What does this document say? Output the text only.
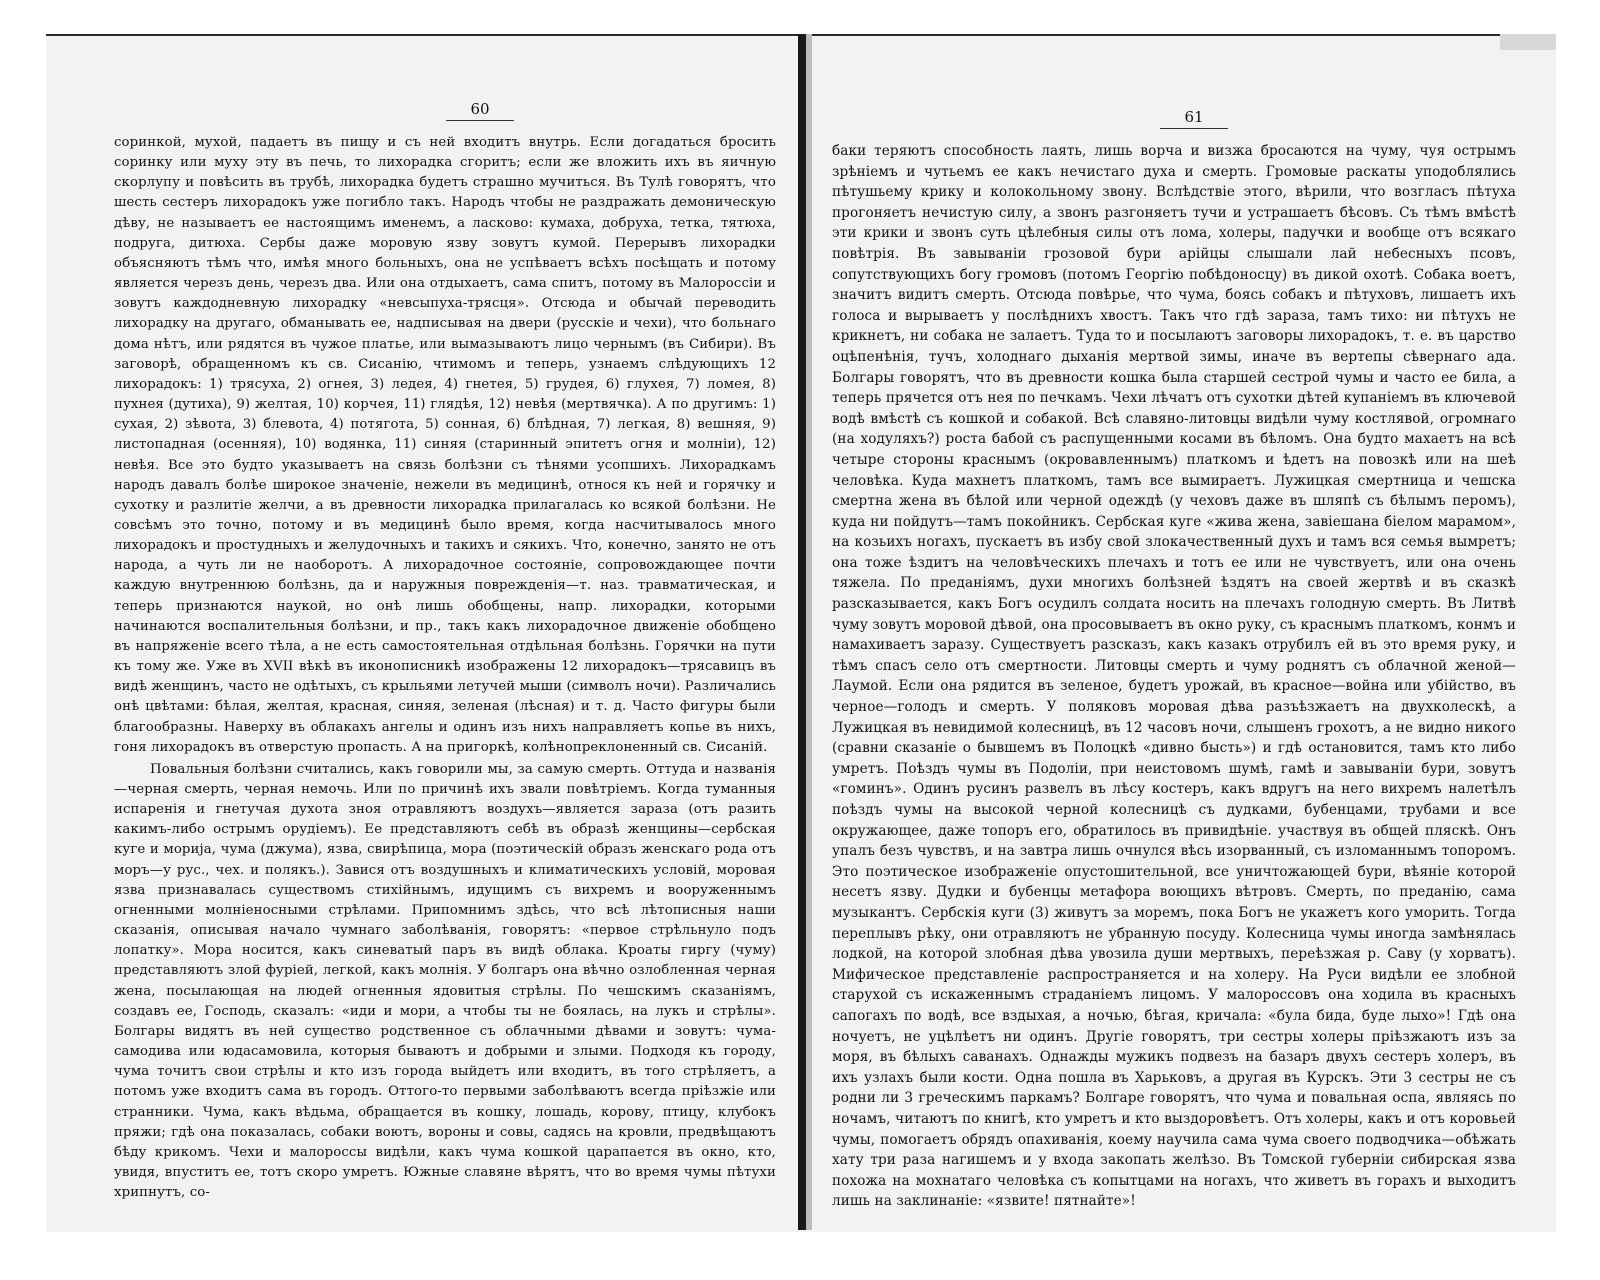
60

соринкой, мухой, падаетъ въ пищу и съ ней входитъ внутрь. Если догадаться бросить соринку или муху эту въ печь, то лихорадка сгоритъ; если же вложить ихъ въ яичную скорлупу и повѣсить въ трубѣ, лихорадка будетъ страшно мучиться. Въ Тулѣ говорятъ, что шесть сестеръ лихорадокъ уже погибло такъ. Народъ чтобы не раздражать демоническую дѣву, не называетъ ее настоящимъ именемъ, а ласково: кумаха, добруха, тетка, тятюха, подруга, дитюха. Сербы даже моровую язву зовутъ кумой. Перерывъ лихорадки объясняютъ тѣмъ что, имѣя много больныхъ, она не успѣваетъ всѣхъ посѣщать и потому является черезъ день, черезъ два. Или она отдыхаетъ, сама спитъ, потому въ Малороссіи и зовутъ каждодневную лихорадку «невсыпуха-трясця». Отсюда и обычай переводить лихорадку на другаго, обманывать ее, надписывая на двери (русскіе и чехи), что больнаго дома нѣтъ, или рядятся въ чужое платье, или вымазываютъ лицо чернымъ (въ Сибири). Въ заговорѣ, обращенномъ къ св. Сисанію, чтимомъ и теперь, узнаемъ слѣдующихъ 12 лихорадокъ: 1) трясуха, 2) огнея, 3) ледея, 4) гнетея, 5) грудея, 6) глухея, 7) ломея, 8) пухнея (дутиха), 9) желтая, 10) корчея, 11) глядѣя, 12) невѣя (мертвячка). А по другимъ: 1) сухая, 2) зѣвота, 3) блевота, 4) потягота, 5) сонная, 6) блѣдная, 7) легкая, 8) вешняя, 9) листопадная (осенняя), 10) водянка, 11) синяя (старинный эпитетъ огня и молніи), 12) невѣя. Все это будто указываетъ на связь болѣзни съ тѣнями усопшихъ. Лихорадкамъ народъ давалъ болѣе широкое значеніе, нежели въ медицинѣ, относя къ ней и горячку и сухотку и разлитіе желчи, а въ древности лихорадка прилагалась ко всякой болѣзни. Не совсѣмъ это точно, потому и въ медицинѣ было время, когда насчитывалось много лихорадокъ и простудныхъ и желудочныхъ и такихъ и сякихъ. Что, конечно, занято не отъ народа, а чуть ли не наоборотъ. А лихорадочное состояніе, сопровождающее почти каждую внутреннюю болѣзнь, да и наружныя поврежденія—т. наз. травматическая, и теперь признаются наукой, но онѣ лишь обобщены, напр. лихорадки, которыми начинаются воспалительныя болѣзни, и пр., такъ какъ лихорадочное движеніе обобщено въ напряженіе всего тѣла, а не есть самостоятельная отдѣльная болѣзнь. Горячки на пути къ тому же. Уже въ XVII вѣкѣ въ иконописникѣ изображены 12 лихорадокъ—трясавицъ въ видѣ женщинъ, часто не одѣтыхъ, съ крыльями летучей мыши (символъ ночи). Различались онѣ цвѣтами: бѣлая, желтая, красная, синяя, зеленая (лѣсная) и т. д. Часто фигуры были благообразны. Наверху въ облакахъ ангелы и одинъ изъ нихъ направляетъ копье въ нихъ, гоня лихорадокъ въ отверстую пропасть. А на пригоркѣ, колѣнопреклоненный св. Сисаній.

Повальныя болѣзни считались, какъ говорили мы, за самую смерть. Оттуда и названія—черная смерть, черная немочь. Или по причинѣ ихъ звали повѣтріемъ. Когда туманныя испаренія и гнетучая духота зноя отравляютъ воздухъ—является зараза (отъ разить какимъ-либо острымъ орудіемъ). Ее представляютъ себѣ въ образѣ женщины—сербская куге и морија, чума (джума), язва, свирѣпица, мора (поэтическій образъ женскаго рода отъ моръ—у рус., чех. и полякъ.). Завися отъ воздушныхъ и климатическихъ условій, моровая язва признавалась существомъ стихійнымъ, идущимъ съ вихремъ и вооруженнымъ огненными молніеносными стрѣлами. Припомнимъ здѣсь, что всѣ лѣтописныя наши сказанія, описывая начало чумнаго заболѣванія, говорятъ: «первое стрѣльнуло подъ лопатку». Мора носится, какъ синеватый паръ въ видѣ облака. Кроаты гиргу (чуму) представляютъ злой фуріей, легкой, какъ молнія. У болгаръ она вѣчно озлобленная черная жена, посылающая на людей огненныя ядовитыя стрѣлы. По чешскимъ сказаніямъ, создавъ ее, Господь, сказалъ: «иди и мори, а чтобы ты не боялась, на лукъ и стрѣлы». Болгары видятъ въ ней существо родственное съ облачными дѣвами и зовутъ: чума-самодива или юдасамовила, которыя бываютъ и добрыми и злыми. Подходя къ городу, чума точитъ свои стрѣлы и кто изъ города выйдетъ или входитъ, въ того стрѣляетъ, а потомъ уже входитъ сама въ городъ. Оттого-то первыми заболѣваютъ всегда пріѣзжіе или странники. Чума, какъ вѣдьма, обращается въ кошку, лошадь, корову, птицу, клубокъ пряжи; гдѣ она показалась, собаки воютъ, вороны и совы, садясь на кровли, предвѣщаютъ бѣду крикомъ. Чехи и малороссы видѣли, какъ чума кошкой царапается въ окно, кто, увидя, впуститъ ее, тотъ скоро умретъ. Южные славяне вѣрятъ, что во время чумы пѣтухи хрипнутъ, со-

61

баки теряютъ способность лаять, лишь ворча и визжа бросаются на чуму, чуя острымъ зрѣніемъ и чутьемъ ее какъ нечистаго духа и смерть. Громовые раскаты уподоблялись пѣтушьему крику и колокольному звону. Вслѣдствіе этого, вѣрили, что возгласъ пѣтуха прогоняетъ нечистую силу, а звонъ разгоняетъ тучи и устрашаетъ бѣсовъ. Съ тѣмъ вмѣстѣ эти крики и звонъ суть цѣлебныя силы отъ лома, холеры, падучки и вообще отъ всякаго повѣтрія. Въ завываніи грозовой бури арійцы слышали лай небесныхъ псовъ, сопутствующихъ богу громовъ (потомъ Георгію побѣдоносцу) въ дикой охотѣ. Собака воетъ, значитъ видитъ смерть. Отсюда повѣрье, что чума, боясь собакъ и пѣтуховъ, лишаетъ ихъ голоса и вырываетъ у послѣднихъ хвостъ. Такъ что гдѣ зараза, тамъ тихо: ни пѣтухъ не крикнетъ, ни собака не залаетъ. Туда то и посылаютъ заговоры лихорадокъ, т. е. въ царство оцѣпенѣнія, тучъ, холоднаго дыханія мертвой зимы, иначе въ вертепы сѣвернаго ада. Болгары говорятъ, что въ древности кошка была старшей сестрой чумы и часто ее била, а теперь прячется отъ нея по печкамъ. Чехи лѣчатъ отъ сухотки дѣтей купаніемъ въ ключевой водѣ вмѣстѣ съ кошкой и собакой. Всѣ славяно-литовцы видѣли чуму костлявой, огромнаго (на ходуляхъ?) роста бабой съ распущенными косами въ бѣломъ. Она будто махаетъ на всѣ четыре стороны краснымъ (окровавленнымъ) платкомъ и ѣдетъ на повозкѣ или на шеѣ человѣка. Куда махнетъ платкомъ, тамъ все вымираетъ. Лужицкая смертница и чешска смертна жена въ бѣлой или черной одеждѣ (у чеховъ даже въ шляпѣ съ бѣлымъ перомъ), куда ни пойдутъ—тамъ покойникъ. Сербская куге «жива жена, завіешана біелом марамом», на козьихъ ногахъ, пускаетъ въ избу свой злокачественный духъ и тамъ вся семья вымретъ; она тоже ѣздитъ на человѣческихъ плечахъ и тотъ ее или не чувствуетъ, или она очень тяжела. По преданіямъ, духи многихъ болѣзней ѣздятъ на своей жертвѣ и въ сказкѣ разсказывается, какъ Богъ осудилъ солдата носить на плечахъ голодную смерть. Въ Литвѣ чуму зовутъ моровой дѣвой, она просовываетъ въ окно руку, съ краснымъ платкомъ, конмъ и намахиваетъ заразу. Существуетъ разсказъ, какъ казакъ отрубилъ ей въ это время руку, и тѣмъ спасъ село отъ смертности. Литовцы смерть и чуму роднятъ съ облачной женой—Лаумой. Если она рядится въ зеленое, будетъ урожай, въ красное—война или убійство, въ черное—голодъ и смерть. У поляковъ моровая дѣва разъѣзжаетъ на двухколескѣ, а Лужицкая въ невидимой колесницѣ, въ 12 часовъ ночи, слышенъ грохотъ, а не видно никого (сравни сказаніе о бывшемъ въ Полоцкѣ «дивно бысть») и гдѣ остановится, тамъ кто либо умретъ. Поѣздъ чумы въ Подоліи, при неистовомъ шумѣ, гамѣ и завываніи бури, зовутъ «гоминъ». Одинъ русинъ развелъ въ лѣсу костеръ, какъ вдругъ на него вихремъ налетѣлъ поѣздъ чумы на высокой черной колесницѣ съ дудками, бубенцами, трубами и все окружающее, даже топоръ его, обратилось въ привидѣніе. участвуя въ общей пляскѣ. Онъ упалъ безъ чувствъ, и на завтра лишь очнулся вѣсь изорванный, съ изломаннымъ топоромъ. Это поэтическое изображеніе опустошительной, все уничтожающей бури, вѣяніе которой несетъ язву. Дудки и бубенцы метафора воющихъ вѣтровъ. Смерть, по преданію, сама музыкантъ. Сербскія куги (3) живутъ за моремъ, пока Богъ не укажетъ кого уморить. Тогда переплывъ рѣку, они отравляютъ не убранную посуду. Колесница чумы иногда замѣнялась лодкой, на которой злобная дѣва увозила души мертвыхъ, переѣзжая р. Саву (у хорватъ). Мифическое представленіе распространяется и на холеру. На Руси видѣли ее злобной старухой съ искаженнымъ страданіемъ лицомъ. У малороссовъ она ходила въ красныхъ сапогахъ по водѣ, все вздыхая, а ночью, бѣгая, кричала: «була бида, буде лыхо»! Гдѣ она ночуетъ, не уцѣлѣетъ ни одинъ. Другіе говорятъ, три сестры холеры пріѣзжаютъ изъ за моря, въ бѣлыхъ саванахъ. Однажды мужикъ подвезъ на базаръ двухъ сестеръ холеръ, въ ихъ узлахъ были кости. Одна пошла въ Харьковъ, а другая въ Курскъ. Эти 3 сестры не съ родни ли 3 греческимъ паркамъ? Болгаре говорятъ, что чума и повальная оспа, являясь по ночамъ, читаютъ по книгѣ, кто умретъ и кто выздоровѣетъ. Отъ холеры, какъ и отъ коровьей чумы, помогаетъ обрядъ опахиванія, коему научила сама чума своего подводчика—обѣжать хату три раза нагишемъ и у входа закопать желѣзо. Въ Томской губерніи сибирская язва похожа на мохнатаго человѣка съ копытцами на ногахъ, что живетъ въ горахъ и выходитъ лишь на заклинаніе: «язвите! пятнайте»!
